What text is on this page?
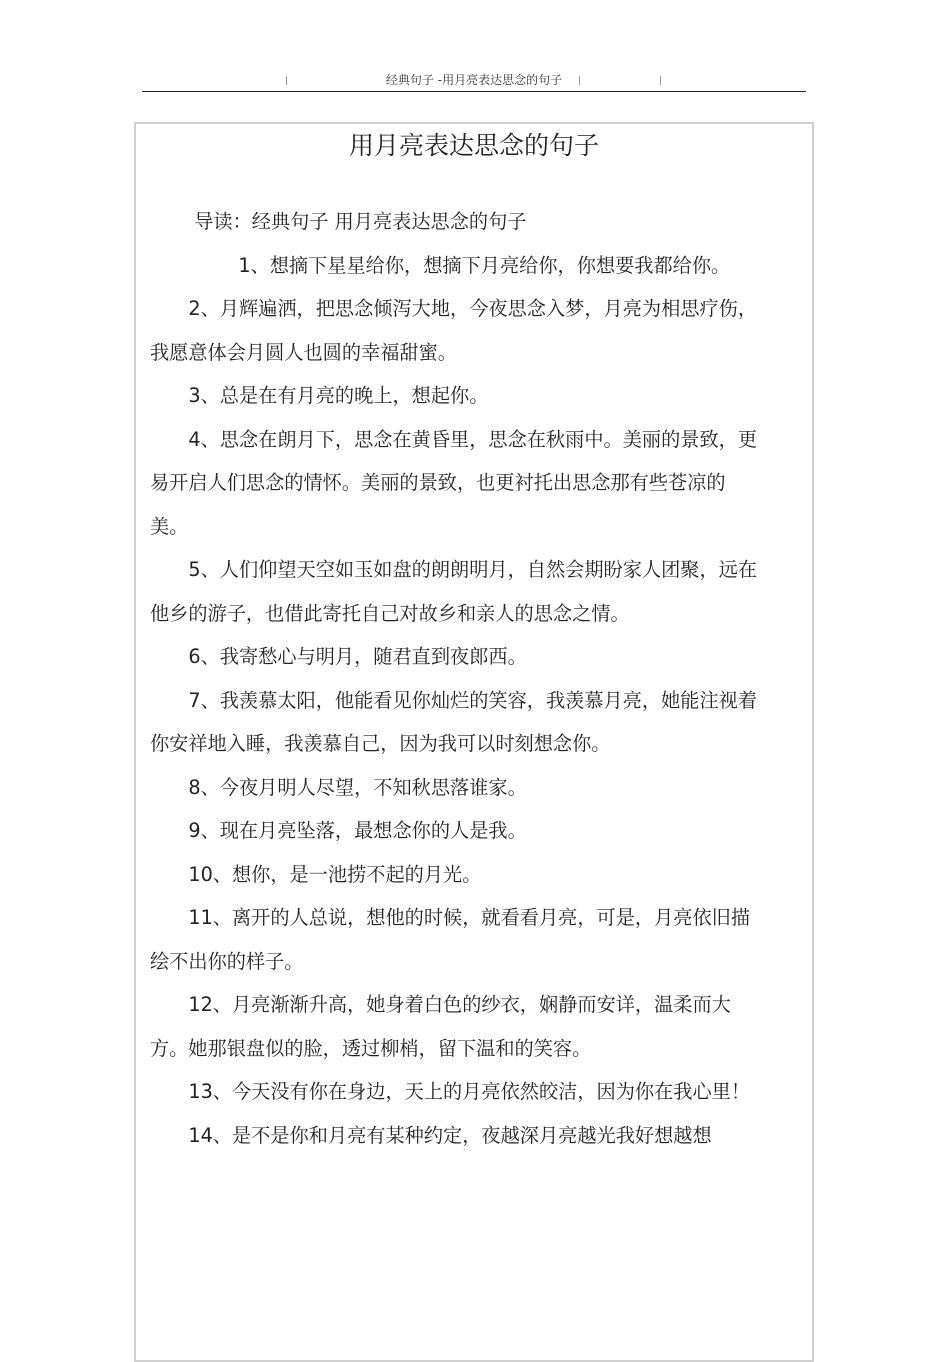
经典句子 -用月亮表达思念的句子
用月亮表达思念的句子

导读：经典句子 用月亮表达思念的句子

1、想摘下星星给你，想摘下月亮给你，你想要我都给你。

2、月辉遍洒，把思念倾泻大地，今夜思念入梦，月亮为相思疗伤，我愿意体会月圆人也圆的幸福甜蜜。

3、总是在有月亮的晚上，想起你。

4、思念在朗月下，思念在黄昏里，思念在秋雨中。美丽的景致，更易开启人们思念的情怀。美丽的景致，也更衬托出思念那有些苍凉的美。

5、人们仰望天空如玉如盘的朗朗明月，自然会期盼家人团聚，远在他乡的游子，也借此寄托自己对故乡和亲人的思念之情。

6、我寄愁心与明月，随君直到夜郎西。

7、我羡慕太阳，他能看见你灿烂的笑容，我羡慕月亮，她能注视着你安祥地入睡，我羡慕自己，因为我可以时刻想念你。

8、今夜月明人尽望，不知秋思落谁家。

9、现在月亮坠落，最想念你的人是我。

10、想你，是一池捞不起的月光。

11、离开的人总说，想他的时候，就看看月亮，可是，月亮依旧描绘不出你的样子。

12、月亮渐渐升高，她身着白色的纱衣，娴静而安详，温柔而大方。她那银盘似的脸，透过柳梢，留下温和的笑容。

13、今天没有你在身边，天上的月亮依然皎洁，因为你在我心里！

14、是不是你和月亮有某种约定，夜越深月亮越光我好想越想
